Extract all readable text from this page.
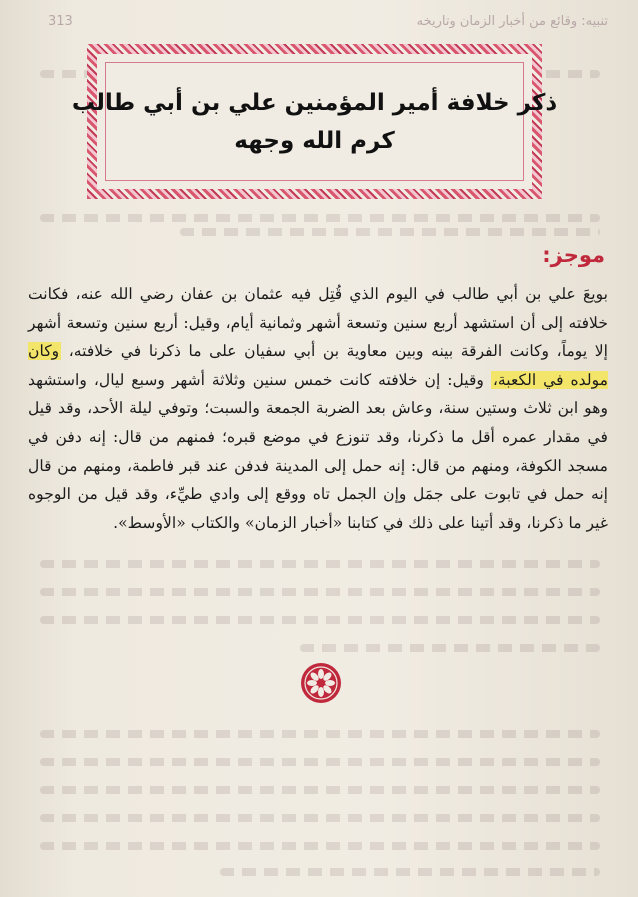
تنبيه: وقائع من أخبار الزمان وتاريخه
313
ذكر خلافة أمير المؤمنين علي بن أبي طالب
كرم الله وجهه
موجز:

بويعَ علي بن أبي طالب في اليوم الذي قُتِل فيه عثمان بن عفان رضي الله عنه، فكانت خلافته إلى أن استشهد أربع سنين وتسعة أشهر وثمانية أيام، وقيل: أربع سنين وتسعة أشهر إلا يوماً، وكانت الفرقة بينه وبين معاوية بن أبي سفيان على ما ذكرنا في خلافته، وكان مولده في الكعبة، وقيل: إن خلافته كانت خمس سنين وثلاثة أشهر وسبع ليال، واستشهد وهو ابن ثلاث وستين سنة، وعاش بعد الضربة الجمعة والسبت؛ وتوفي ليلة الأحد، وقد قيل في مقدار عمره أقل ما ذكرنا، وقد تنوزع في موضع قبره؛ فمنهم من قال: إنه دفن في مسجد الكوفة، ومنهم من قال: إنه حمل إلى المدينة فدفن عند قبر فاطمة، ومنهم من قال إنه حمل في تابوت على جمَل وإن الجمل تاه ووقع إلى وادي طيِّء، وقد قيل من الوجوه غير ما ذكرنا، وقد أتينا على ذلك في كتابنا «أخبار الزمان» والكتاب «الأوسط».
